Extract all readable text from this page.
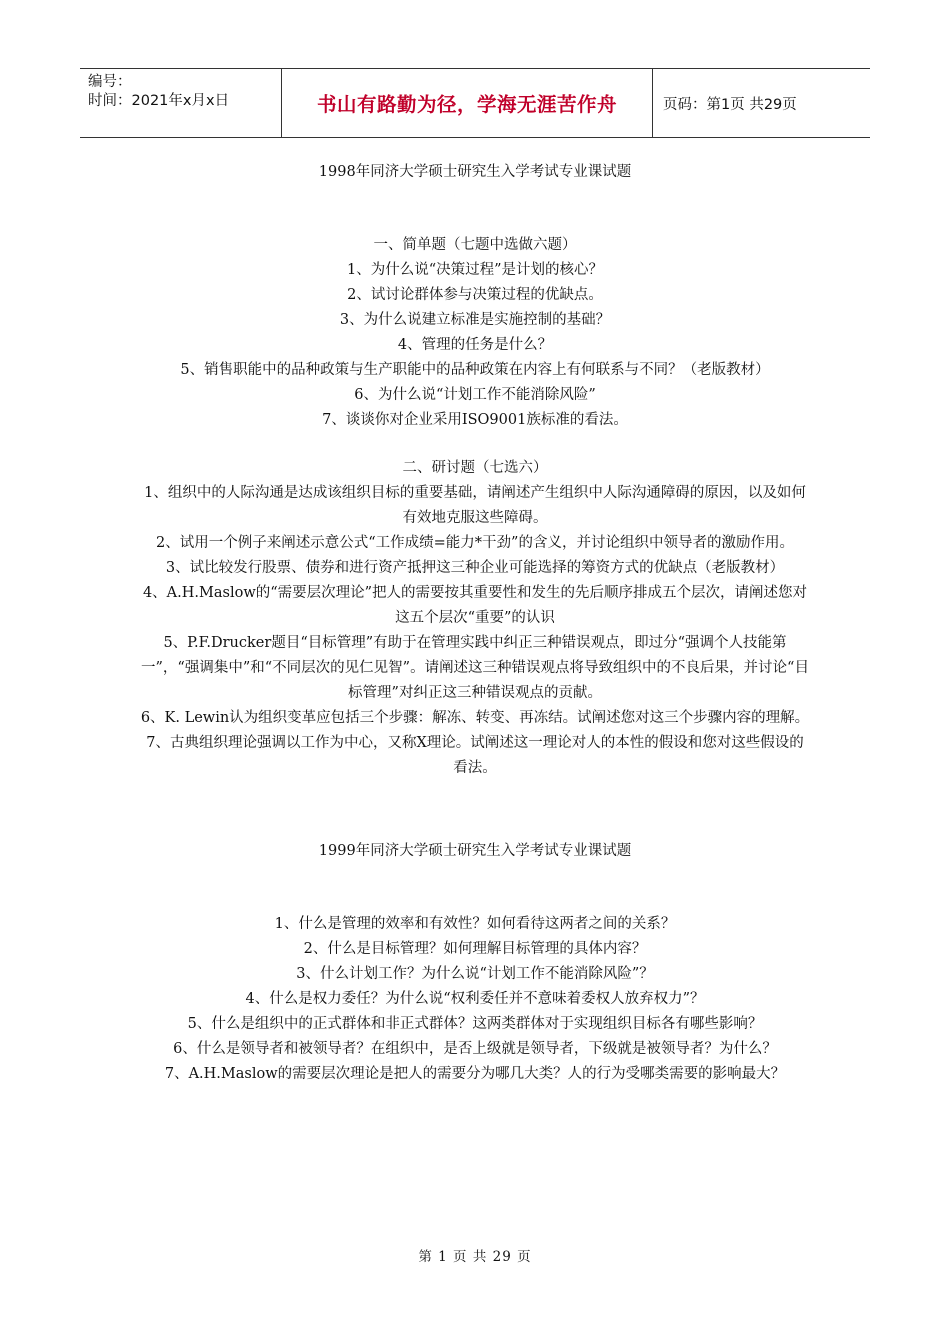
编号：
时间：2021年x月x日	书山有路勤为径，学海无涯苦作舟	页码：第1页 共29页
1998年同济大学硕士研究生入学考试专业课试题
一、简单题（七题中选做六题）
1、为什么说“决策过程”是计划的核心？
2、试讨论群体参与决策过程的优缺点。
3、为什么说建立标准是实施控制的基础？
4、管理的任务是什么？
5、销售职能中的品种政策与生产职能中的品种政策在内容上有何联系与不同？（老版教材）
6、为什么说“计划工作不能消除风险”
7、谈谈你对企业采用ISO9001族标准的看法。
二、研讨题（七选六）
1、组织中的人际沟通是达成该组织目标的重要基础，请阐述产生组织中人际沟通障碍的原因，以及如何有效地克服这些障碍。
2、试用一个例子来阐述示意公式“工作成绩=能力*干劲”的含义，并讨论组织中领导者的激励作用。
3、试比较发行股票、债券和进行资产抵押这三种企业可能选择的筹资方式的优缺点（老版教材）
4、A.H.Maslow的“需要层次理论”把人的需要按其重要性和发生的先后顺序排成五个层次，请阐述您对这五个层次“重要”的认识
5、P.F.Drucker题目“目标管理”有助于在管理实践中纠正三种错误观点，即过分“强调个人技能第一”，“强调集中”和“不同层次的见仁见智”。请阐述这三种错误观点将导致组织中的不良后果，并讨论“目标管理”对纠正这三种错误观点的贡献。
6、K. Lewin认为组织变革应包括三个步骤：解冻、转变、再冻结。试阐述您对这三个步骤内容的理解。
7、古典组织理论强调以工作为中心，又称X理论。试阐述这一理论对人的本性的假设和您对这些假设的看法。
1999年同济大学硕士研究生入学考试专业课试题
1、什么是管理的效率和有效性？如何看待这两者之间的关系？
2、什么是目标管理？如何理解目标管理的具体内容？
3、什么计划工作？为什么说“计划工作不能消除风险”？
4、什么是权力委任？为什么说“权利委任并不意味着委权人放弃权力”？
5、什么是组织中的正式群体和非正式群体？这两类群体对于实现组织目标各有哪些影响？
6、什么是领导者和被领导者？在组织中，是否上级就是领导者，下级就是被领导者？为什么？
7、A.H.Maslow的需要层次理论是把人的需要分为哪几大类？人的行为受哪类需要的影响最大？
第 1 页 共 29 页
